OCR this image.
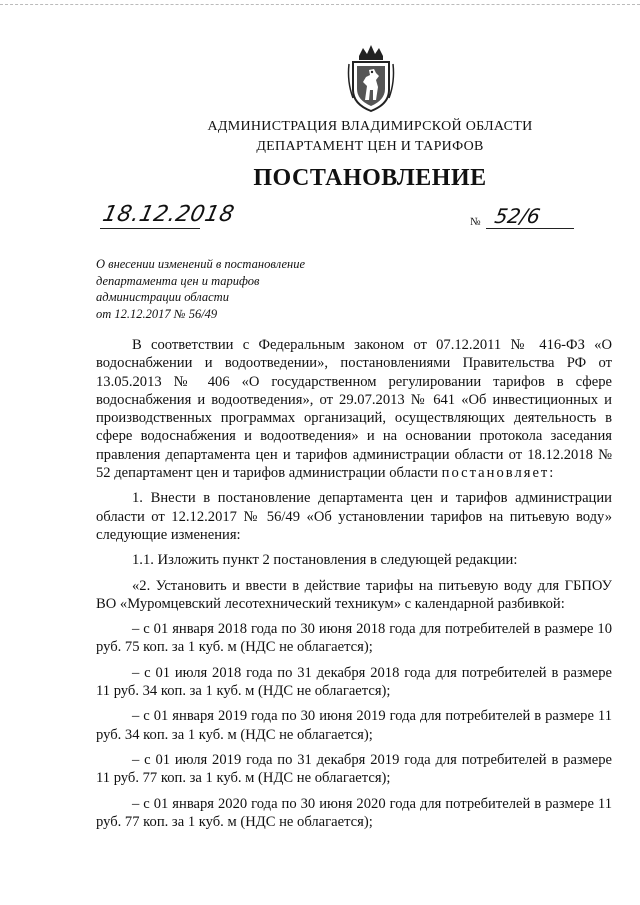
АДМИНИСТРАЦИЯ ВЛАДИМИРСКОЙ ОБЛАСТИ
ДЕПАРТАМЕНТ ЦЕН И ТАРИФОВ
ПОСТАНОВЛЕНИЕ
18.12.2018	№ 52/6
О внесении изменений в постановление
департамента цен и тарифов
администрации области
от 12.12.2017 № 56/49

В соответствии с Федеральным законом от 07.12.2011 № 416-ФЗ «О водоснабжении и водоотведении», постановлениями Правительства РФ от 13.05.2013 № 406 «О государственном регулировании тарифов в сфере водоснабжения и водоотведения», от 29.07.2013 № 641 «Об инвестиционных и производственных программах организаций, осуществляющих деятельность в сфере водоснабжения и водоотведения» и на основании протокола заседания правления департамента цен и тарифов администрации области от 18.12.2018 № 52 департамент цен и тарифов администрации области постановляет:

1. Внести в постановление департамента цен и тарифов администрации области от 12.12.2017 № 56/49 «Об установлении тарифов на питьевую воду» следующие изменения:

1.1. Изложить пункт 2 постановления в следующей редакции:

«2. Установить и ввести в действие тарифы на питьевую воду для ГБПОУ ВО «Муромцевский лесотехнический техникум» с календарной разбивкой:

– с 01 января 2018 года по 30 июня 2018 года для потребителей в размере 10 руб. 75 коп. за 1 куб. м (НДС не облагается);

– с 01 июля 2018 года по 31 декабря 2018 года для потребителей в размере 11 руб. 34 коп. за 1 куб. м (НДС не облагается);

– с 01 января 2019 года по 30 июня 2019 года для потребителей в размере 11 руб. 34 коп. за 1 куб. м (НДС не облагается);

– с 01 июля 2019 года по 31 декабря 2019 года для потребителей в размере 11 руб. 77 коп. за 1 куб. м (НДС не облагается);

– с 01 января 2020 года по 30 июня 2020 года для потребителей в размере 11 руб. 77 коп. за 1 куб. м (НДС не облагается);
